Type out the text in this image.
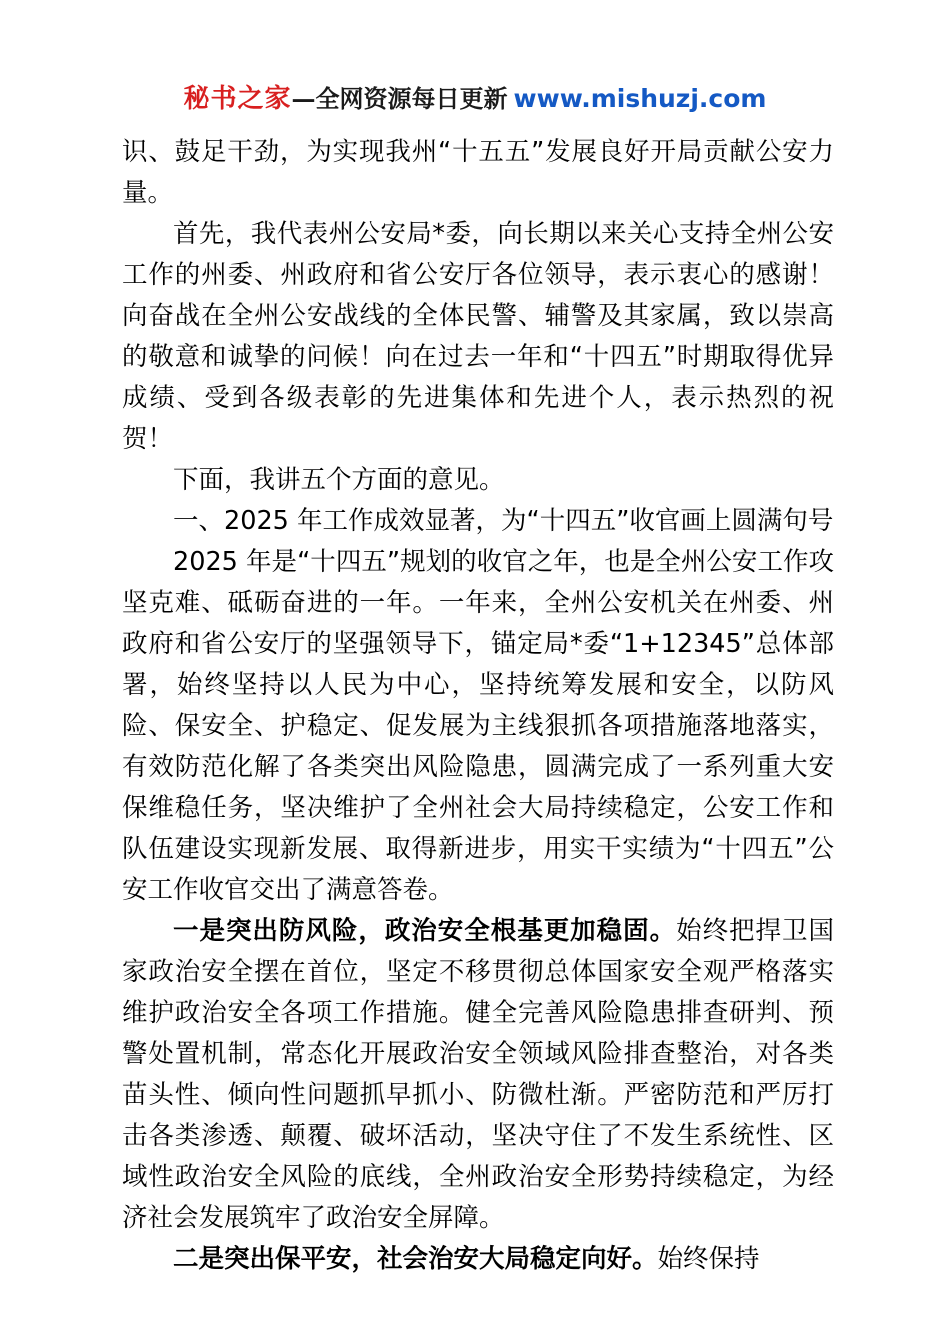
秘书之家—全网资源每日更新 www.mishuzj.com

识、鼓足干劲，为实现我州“十五五”发展良好开局贡献公安力量。

首先，我代表州公安局*委，向长期以来关心支持全州公安工作的州委、州政府和省公安厅各位领导，表示衷心的感谢！向奋战在全州公安战线的全体民警、辅警及其家属，致以崇高的敬意和诚挚的问候！向在过去一年和“十四五”时期取得优异成绩、受到各级表彰的先进集体和先进个人，表示热烈的祝贺！

下面，我讲五个方面的意见。

一、2025 年工作成效显著，为“十四五”收官画上圆满句号

2025 年是“十四五”规划的收官之年，也是全州公安工作攻坚克难、砥砺奋进的一年。一年来，全州公安机关在州委、州政府和省公安厅的坚强领导下，锚定局*委“1+12345”总体部署，始终坚持以人民为中心，坚持统筹发展和安全，以防风险、保安全、护稳定、促发展为主线狠抓各项措施落地落实，有效防范化解了各类突出风险隐患，圆满完成了一系列重大安保维稳任务，坚决维护了全州社会大局持续稳定，公安工作和队伍建设实现新发展、取得新进步，用实干实绩为“十四五”公安工作收官交出了满意答卷。

一是突出防风险，政治安全根基更加稳固。始终把捍卫国家政治安全摆在首位，坚定不移贯彻总体国家安全观严格落实维护政治安全各项工作措施。健全完善风险隐患排查研判、预警处置机制，常态化开展政治安全领域风险排查整治，对各类苗头性、倾向性问题抓早抓小、防微杜渐。严密防范和严厉打击各类渗透、颠覆、破坏活动，坚决守住了不发生系统性、区域性政治安全风险的底线，全州政治安全形势持续稳定，为经济社会发展筑牢了政治安全屏障。

二是突出保平安，社会治安大局稳定向好。始终保持
